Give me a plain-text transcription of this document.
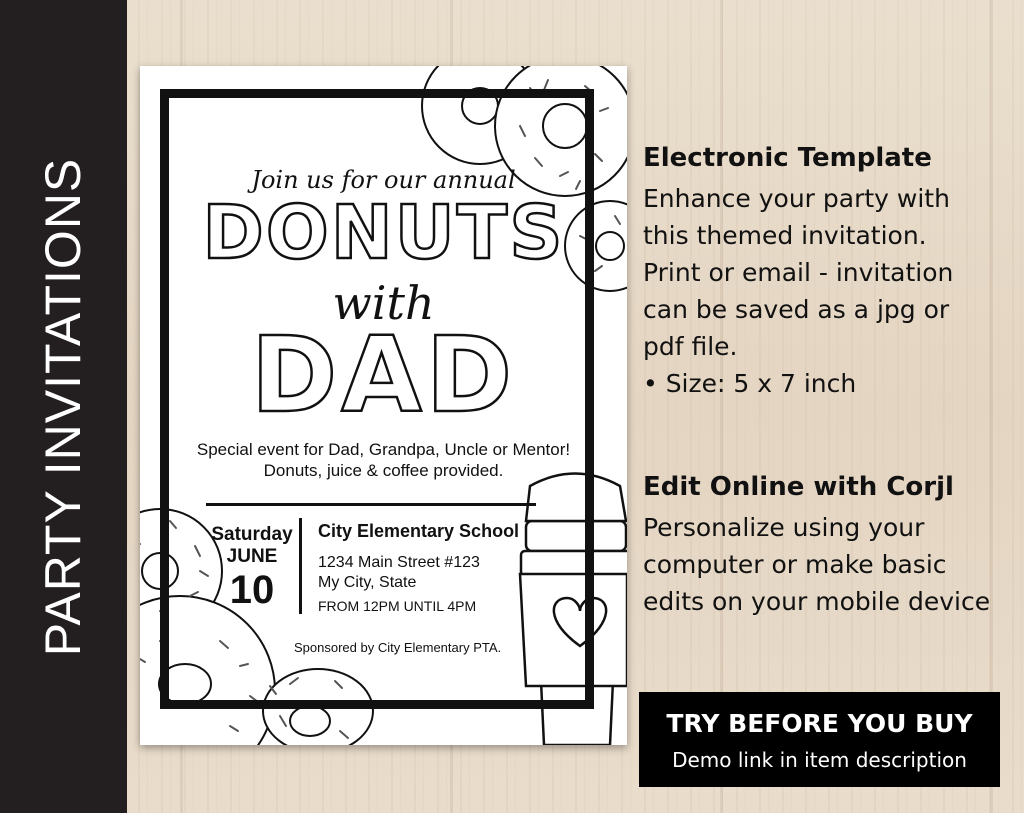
PARTY INVITATIONS	Join us for our annual
DONUTS
with
DAD
Special event for Dad, Grandpa, Uncle or Mentor!
Donuts, juice & coffee provided.
Saturday
JUNE
10
City Elementary School
1234 Main Street #123
My City, State
FROM 12PM UNTIL 4PM
Sponsored by City Elementary PTA.
Electronic Template
Enhance your party with
this themed invitation.
Print or email - invitation
can be saved as a jpg or
pdf file.
• Size: 5 x 7 inch
Edit Online with Corjl
Personalize using your
computer or make basic
edits on your mobile device
TRY BEFORE YOU BUY
Demo link in item description
